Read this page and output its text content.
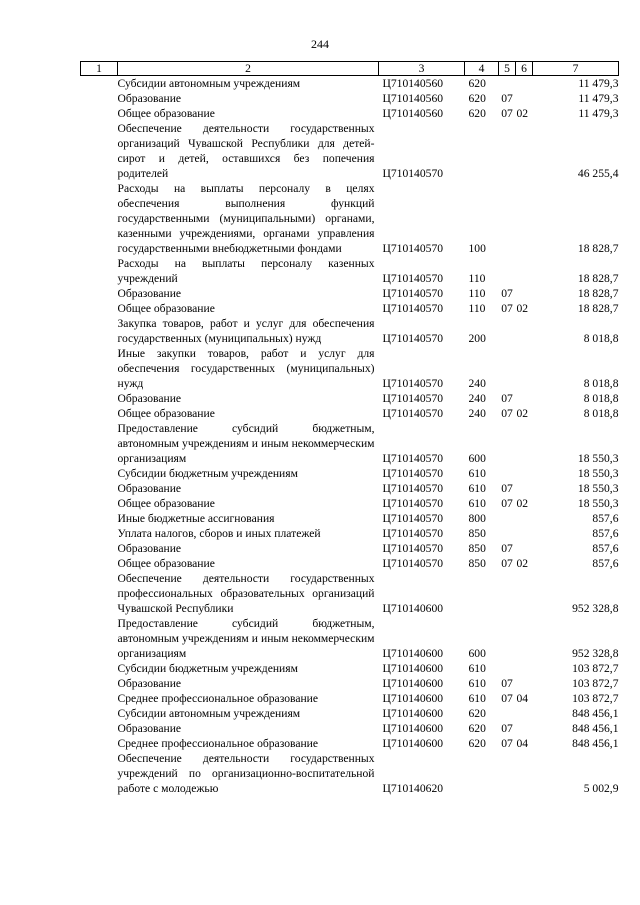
244
1	2	3	4	5	6	7
	Субсидии автономным учреждениям	Ц710140560	620			11 479,3
	Образование	Ц710140560	620	07		11 479,3
	Общее образование	Ц710140560	620	07	02	11 479,3
	Обеспечение деятельности государственных организаций Чувашской Республики для детей-сирот и детей, оставшихся без попечения родителей	Ц710140570				46 255,4
	Расходы на выплаты персоналу в целях обеспечения выполнения функций государственными (муниципальными) органами, казенными учреждениями, органами управления государственными внебюджетными фондами	Ц710140570	100			18 828,7
	Расходы на выплаты персоналу казенных учреждений	Ц710140570	110			18 828,7
	Образование	Ц710140570	110	07		18 828,7
	Общее образование	Ц710140570	110	07	02	18 828,7
	Закупка товаров, работ и услуг для обеспечения государственных (муниципальных) нужд	Ц710140570	200			8 018,8
	Иные закупки товаров, работ и услуг для обеспечения государственных (муниципальных) нужд	Ц710140570	240			8 018,8
	Образование	Ц710140570	240	07		8 018,8
	Общее образование	Ц710140570	240	07	02	8 018,8
	Предоставление субсидий бюджетным, автономным учреждениям и иным некоммерческим организациям	Ц710140570	600			18 550,3
	Субсидии бюджетным учреждениям	Ц710140570	610			18 550,3
	Образование	Ц710140570	610	07		18 550,3
	Общее образование	Ц710140570	610	07	02	18 550,3
	Иные бюджетные ассигнования	Ц710140570	800			857,6
	Уплата налогов, сборов и иных платежей	Ц710140570	850			857,6
	Образование	Ц710140570	850	07		857,6
	Общее образование	Ц710140570	850	07	02	857,6
	Обеспечение деятельности государственных профессиональных образовательных организаций Чувашской Республики	Ц710140600				952 328,8
	Предоставление субсидий бюджетным, автономным учреждениям и иным некоммерческим организациям	Ц710140600	600			952 328,8
	Субсидии бюджетным учреждениям	Ц710140600	610			103 872,7
	Образование	Ц710140600	610	07		103 872,7
	Среднее профессиональное образование	Ц710140600	610	07	04	103 872,7
	Субсидии автономным учреждениям	Ц710140600	620			848 456,1
	Образование	Ц710140600	620	07		848 456,1
	Среднее профессиональное образование	Ц710140600	620	07	04	848 456,1
	Обеспечение деятельности государственных учреждений по организационно-воспитательной работе с молодежью	Ц710140620				5 002,9
